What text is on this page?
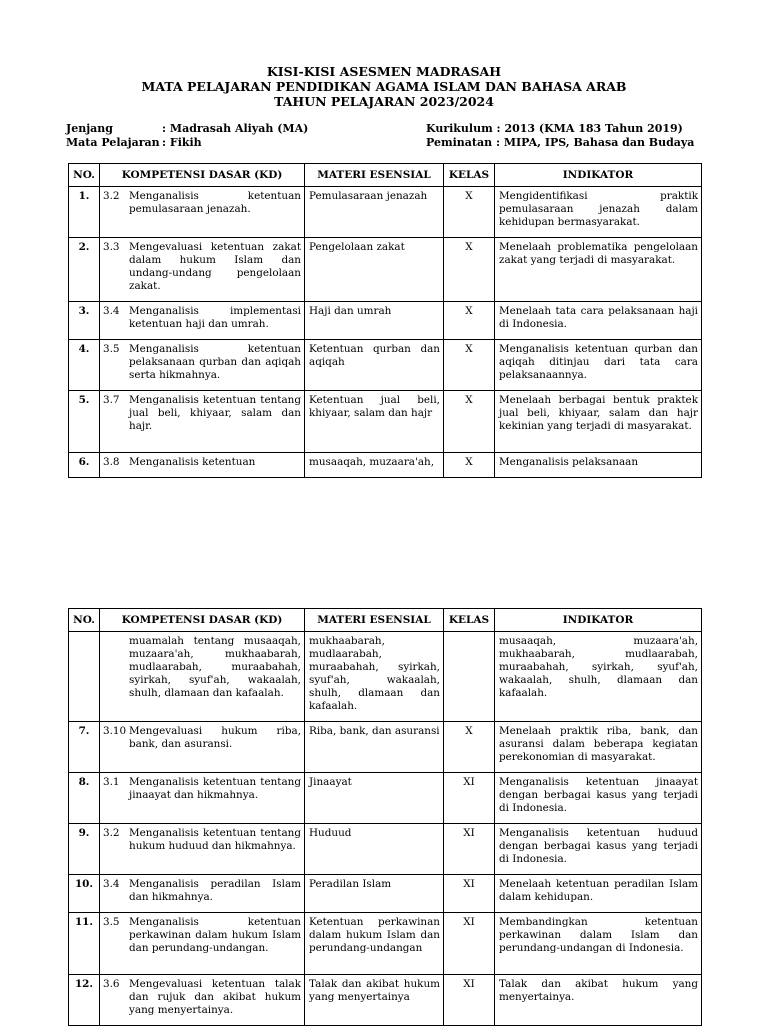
KISI-KISI ASESMEN MADRASAH
MATA PELAJARAN PENDIDIKAN AGAMA ISLAM DAN BAHASA ARAB
TAHUN PELAJARAN 2023/2024
Jenjang	: Madrasah Aliyah (MA)	Kurikulum : 2013 (KMA 183 Tahun 2019)
Mata Pelajaran : Fikih	Peminatan : MIPA, IPS, Bahasa dan Budaya
NO.	KOMPETENSI DASAR (KD)	MATERI ESENSIAL	KELAS	INDIKATOR
1.	3.2 Menganalisis ketentuan pemulasaraan jenazah.	Pemulasaraan jenazah	X	Mengidentifikasi praktik pemulasaraan jenazah dalam kehidupan bermasyarakat.
2.	3.3 Mengevaluasi ketentuan zakat dalam hukum Islam dan undang-undang pengelolaan zakat.	Pengelolaan zakat	X	Menelaah problematika pengelolaan zakat yang terjadi di masyarakat.
3.	3.4 Menganalisis implementasi ketentuan haji dan umrah.	Haji dan umrah	X	Menelaah tata cara pelaksanaan haji di Indonesia.
4.	3.5 Menganalisis ketentuan pelaksanaan qurban dan aqiqah serta hikmahnya.	Ketentuan qurban dan aqiqah	X	Menganalisis ketentuan qurban dan aqiqah ditinjau dari tata cara pelaksanaannya.
5.	3.7 Menganalisis ketentuan tentang jual beli, khiyaar, salam dan hajr.	Ketentuan jual beli, khiyaar, salam dan hajr	X	Menelaah berbagai bentuk praktek jual beli, khiyaar, salam dan hajr kekinian yang terjadi di masyarakat.
6.	3.8 Menganalisis ketentuan	musaaqah, muzaara'ah,	X	Menganalisis pelaksanaan
NO.	KOMPETENSI DASAR (KD)	MATERI ESENSIAL	KELAS	INDIKATOR

	muamalah tentang musaaqah, muzaara'ah, mukhaabarah, mudlaarabah, muraabahah, syirkah, syuf'ah, wakaalah, shulh, dlamaan dan kafaalah.	mukhaabarah, mudlaarabah, muraabahah, syirkah, syuf'ah, wakaalah, shulh, dlamaan dan kafaalah.		musaaqah, muzaara'ah, mukhaabarah, mudlaarabah, muraabahah, syirkah, syuf'ah, wakaalah, shulh, dlamaan dan kafaalah.
7.	3.10 Mengevaluasi hukum riba, bank, dan asuransi.	Riba, bank, dan asuransi	X	Menelaah praktik riba, bank, dan asuransi dalam beberapa kegiatan perekonomian di masyarakat.
8.	3.1 Menganalisis ketentuan tentang jinaayat dan hikmahnya.	Jinaayat	XI	Menganalisis ketentuan jinaayat dengan berbagai kasus yang terjadi di Indonesia.
9.	3.2 Menganalisis ketentuan tentang hukum huduud dan hikmahnya.	Huduud	XI	Menganalisis ketentuan huduud dengan berbagai kasus yang terjadi di Indonesia.
10.	3.4 Menganalisis peradilan Islam dan hikmahnya.	Peradilan Islam	XI	Menelaah ketentuan peradilan Islam dalam kehidupan.
11.	3.5 Menganalisis ketentuan perkawinan dalam hukum Islam dan perundang-undangan.	Ketentuan perkawinan dalam hukum Islam dan perundang-undangan	XI	Membandingkan ketentuan perkawinan dalam Islam dan perundang-undangan di Indonesia.
12.	3.6 Mengevaluasi ketentuan talak dan rujuk dan akibat hukum yang menyertainya.	Talak dan akibat hukum yang menyertainya	XI	Talak dan akibat hukum yang menyertainya.
